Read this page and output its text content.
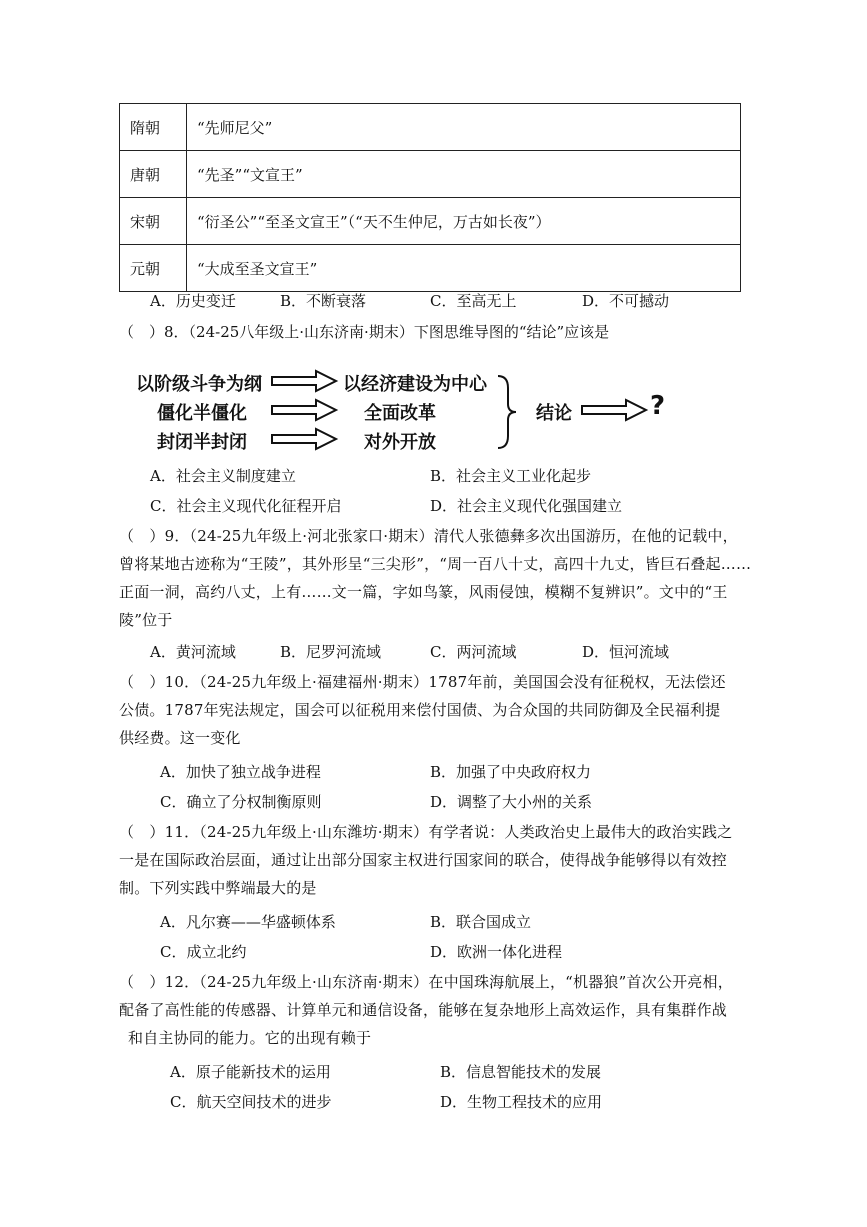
隋朝	“先师尼父”
唐朝	“先圣”“文宣王”
宋朝	“衍圣公”“至圣文宣王”（“天不生仲尼，万古如长夜”）
元朝	“大成至圣文宣王”
A．历史变迁	B．不断衰落	C．至高无上	D．不可撼动
（　）8．（24-25八年级上·山东济南·期末）下图思维导图的“结论”应该是
以阶级斗争为纲
僵化半僵化
封闭半封闭
以经济建设为中心
全面改革
对外开放
结论	?
A．社会主义制度建立	B．社会主义工业化起步
C．社会主义现代化征程开启	D．社会主义现代化强国建立
（　）9．（24-25九年级上·河北张家口·期末）清代人张德彝多次出国游历，在他的记载中，
曾将某地古迹称为“王陵”，其外形呈“三尖形”，“周一百八十丈，高四十九丈，皆巨石叠起……
正面一洞，高约八丈，上有……文一篇，字如鸟篆，风雨侵蚀，模糊不复辨识”。文中的“王
陵”位于
A．黄河流域	B．尼罗河流域	C．两河流域	D．恒河流域
（　）10．（24-25九年级上·福建福州·期末）1787年前，美国国会没有征税权，无法偿还
公债。1787年宪法规定，国会可以征税用来偿付国债、为合众国的共同防御及全民福利提
供经费。这一变化
A．加快了独立战争进程	B．加强了中央政府权力
C．确立了分权制衡原则	D．调整了大小州的关系
（　）11．（24-25九年级上·山东潍坊·期末）有学者说：人类政治史上最伟大的政治实践之
一是在国际政治层面，通过让出部分国家主权进行国家间的联合，使得战争能够得以有效控
制。下列实践中弊端最大的是
A．凡尔赛——华盛顿体系	B．联合国成立
C．成立北约	D．欧洲一体化进程
（　）12．（24-25九年级上·山东济南·期末）在中国珠海航展上，“机器狼”首次公开亮相，
配备了高性能的传感器、计算单元和通信设备，能够在复杂地形上高效运作，具有集群作战
和自主协同的能力。它的出现有赖于
A．原子能新技术的运用	B．信息智能技术的发展
C．航天空间技术的进步	D．生物工程技术的应用
